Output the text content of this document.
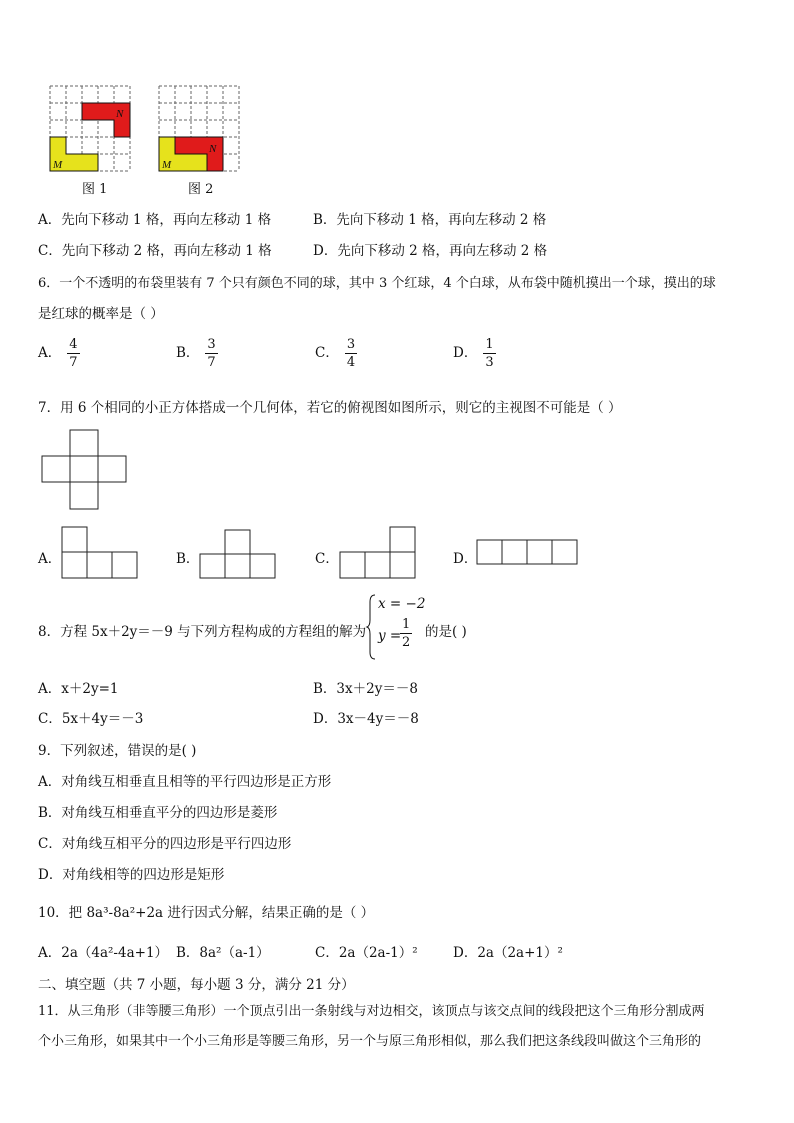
N
M
图 1
N
M
图 2
A．先向下移动 1 格，再向左移动 1 格	B．先向下移动 1 格，再向左移动 2 格
C．先向下移动 2 格，再向左移动 1 格	D．先向下移动 2 格，再向左移动 2 格
6．一个不透明的布袋里装有 7 个只有颜色不同的球，其中 3 个红球，4 个白球，从布袋中随机摸出一个球，摸出的球
是红球的概率是（ ）
A． $\frac{4}{7}$	B． $\frac{3}{7}$	C． $\frac{3}{4}$	D． $\frac{1}{3}$
7．用 6 个相同的小正方体搭成一个几何体，若它的俯视图如图所示，则它的主视图不可能是（ ）
A．	B．	C．	D．
8．方程 5x＋2y＝－9 与下列方程构成的方程组的解为
x = −2
y =
$\frac{1}{2}$ 的是( )
A．x＋2y=1	B．3x＋2y＝－8
C．5x＋4y＝－3	D．3x－4y＝－8
9．下列叙述，错误的是( )
A．对角线互相垂直且相等的平行四边形是正方形
B．对角线互相垂直平分的四边形是菱形
C．对角线互相平分的四边形是平行四边形
D．对角线相等的四边形是矩形
10．把 8a³-8a²+2a 进行因式分解，结果正确的是（ ）
A．2a（4a²-4a+1） B．8a²（a-1）	C．2a（2a-1）²	D．2a（2a+1）²
二、填空题（共 7 小题，每小题 3 分，满分 21 分）
11．从三角形（非等腰三角形）一个顶点引出一条射线与对边相交，该顶点与该交点间的线段把这个三角形分割成两
个小三角形，如果其中一个小三角形是等腰三角形，另一个与原三角形相似，那么我们把这条线段叫做这个三角形的
